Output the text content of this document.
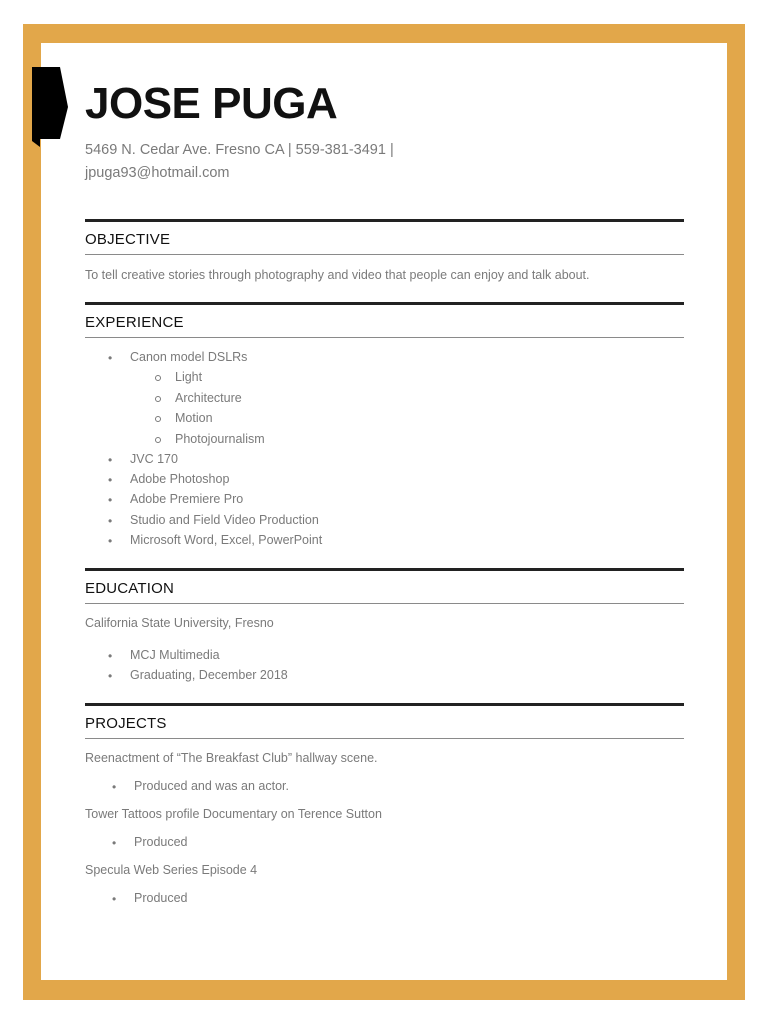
JOSE PUGA
5469 N. Cedar Ave. Fresno CA | 559-381-3491 |
jpuga93@hotmail.com
OBJECTIVE
To tell creative stories through photography and video that people can enjoy and talk about.
EXPERIENCE
• Canon model DSLRs
Light
Architecture
Motion
Photojournalism
• JVC 170
• Adobe Photoshop
• Adobe Premiere Pro
• Studio and Field Video Production
• Microsoft Word, Excel, PowerPoint
EDUCATION
California State University, Fresno
• MCJ Multimedia
• Graduating, December 2018
PROJECTS
Reenactment of “The Breakfast Club” hallway scene.
• Produced and was an actor.
Tower Tattoos profile Documentary on Terence Sutton
• Produced
Specula Web Series Episode 4
• Produced
